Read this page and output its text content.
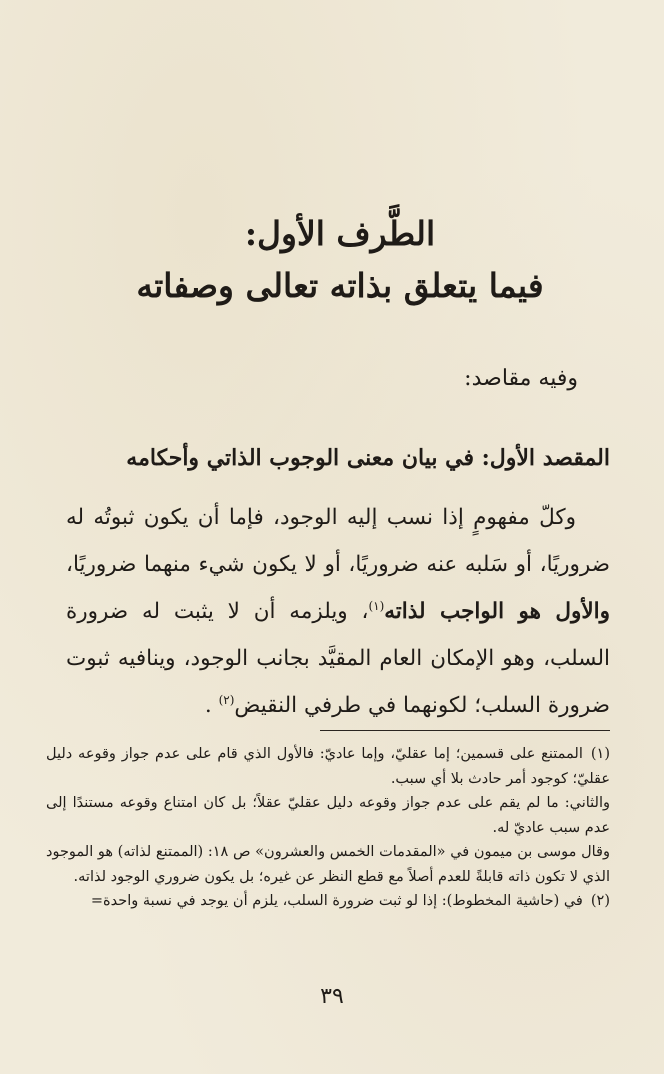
الطَّرف الأول:
فيما يتعلق بذاته تعالى وصفاته
وفيه مقاصد:
المقصد الأول: في بيان معنى الوجوب الذاتي وأحكامه

وكلّ مفهومٍ إذا نسب إليه الوجود، فإما أن يكون ثبوتُه له ضروريًا، أو سَلبه عنه ضروريًا، أو لا يكون شيء منهما ضروريًا، والأول هو الواجب لذاته$^{(١)}$، ويلزمه أن لا يثبت له ضرورة السلب، وهو الإمكان العام المقيَّد بجانب الوجود، وينافيه ثبوت ضرورة السلب؛ لكونهما في طرفي النقيض$^{(٢)}$ .

(١)الممتنع على قسمين؛ إما عقليّ، وإما عاديّ: فالأول الذي قام على عدم جواز وقوعه دليل عقليّ؛ كوجود أمر حادث بلا أي سبب.

والثاني: ما لم يقم على عدم جواز وقوعه دليل عقليّ عقلاً؛ بل كان امتناع وقوعه مستندًا إلى عدم سبب عاديّ له.

وقال موسى بن ميمون في «المقدمات الخمس والعشرون» ص ١٨: (الممتنع لذاته) هو الموجود الذي لا تكون ذاته قابلةً للعدم أصلاً مع قطع النظر عن غيره؛ بل يكون ضروري الوجود لذاته.

(٢)في (حاشية المخطوط): إذا لو ثبت ضرورة السلب، يلزم أن يوجد في نسبة واحدة=

٣٩
